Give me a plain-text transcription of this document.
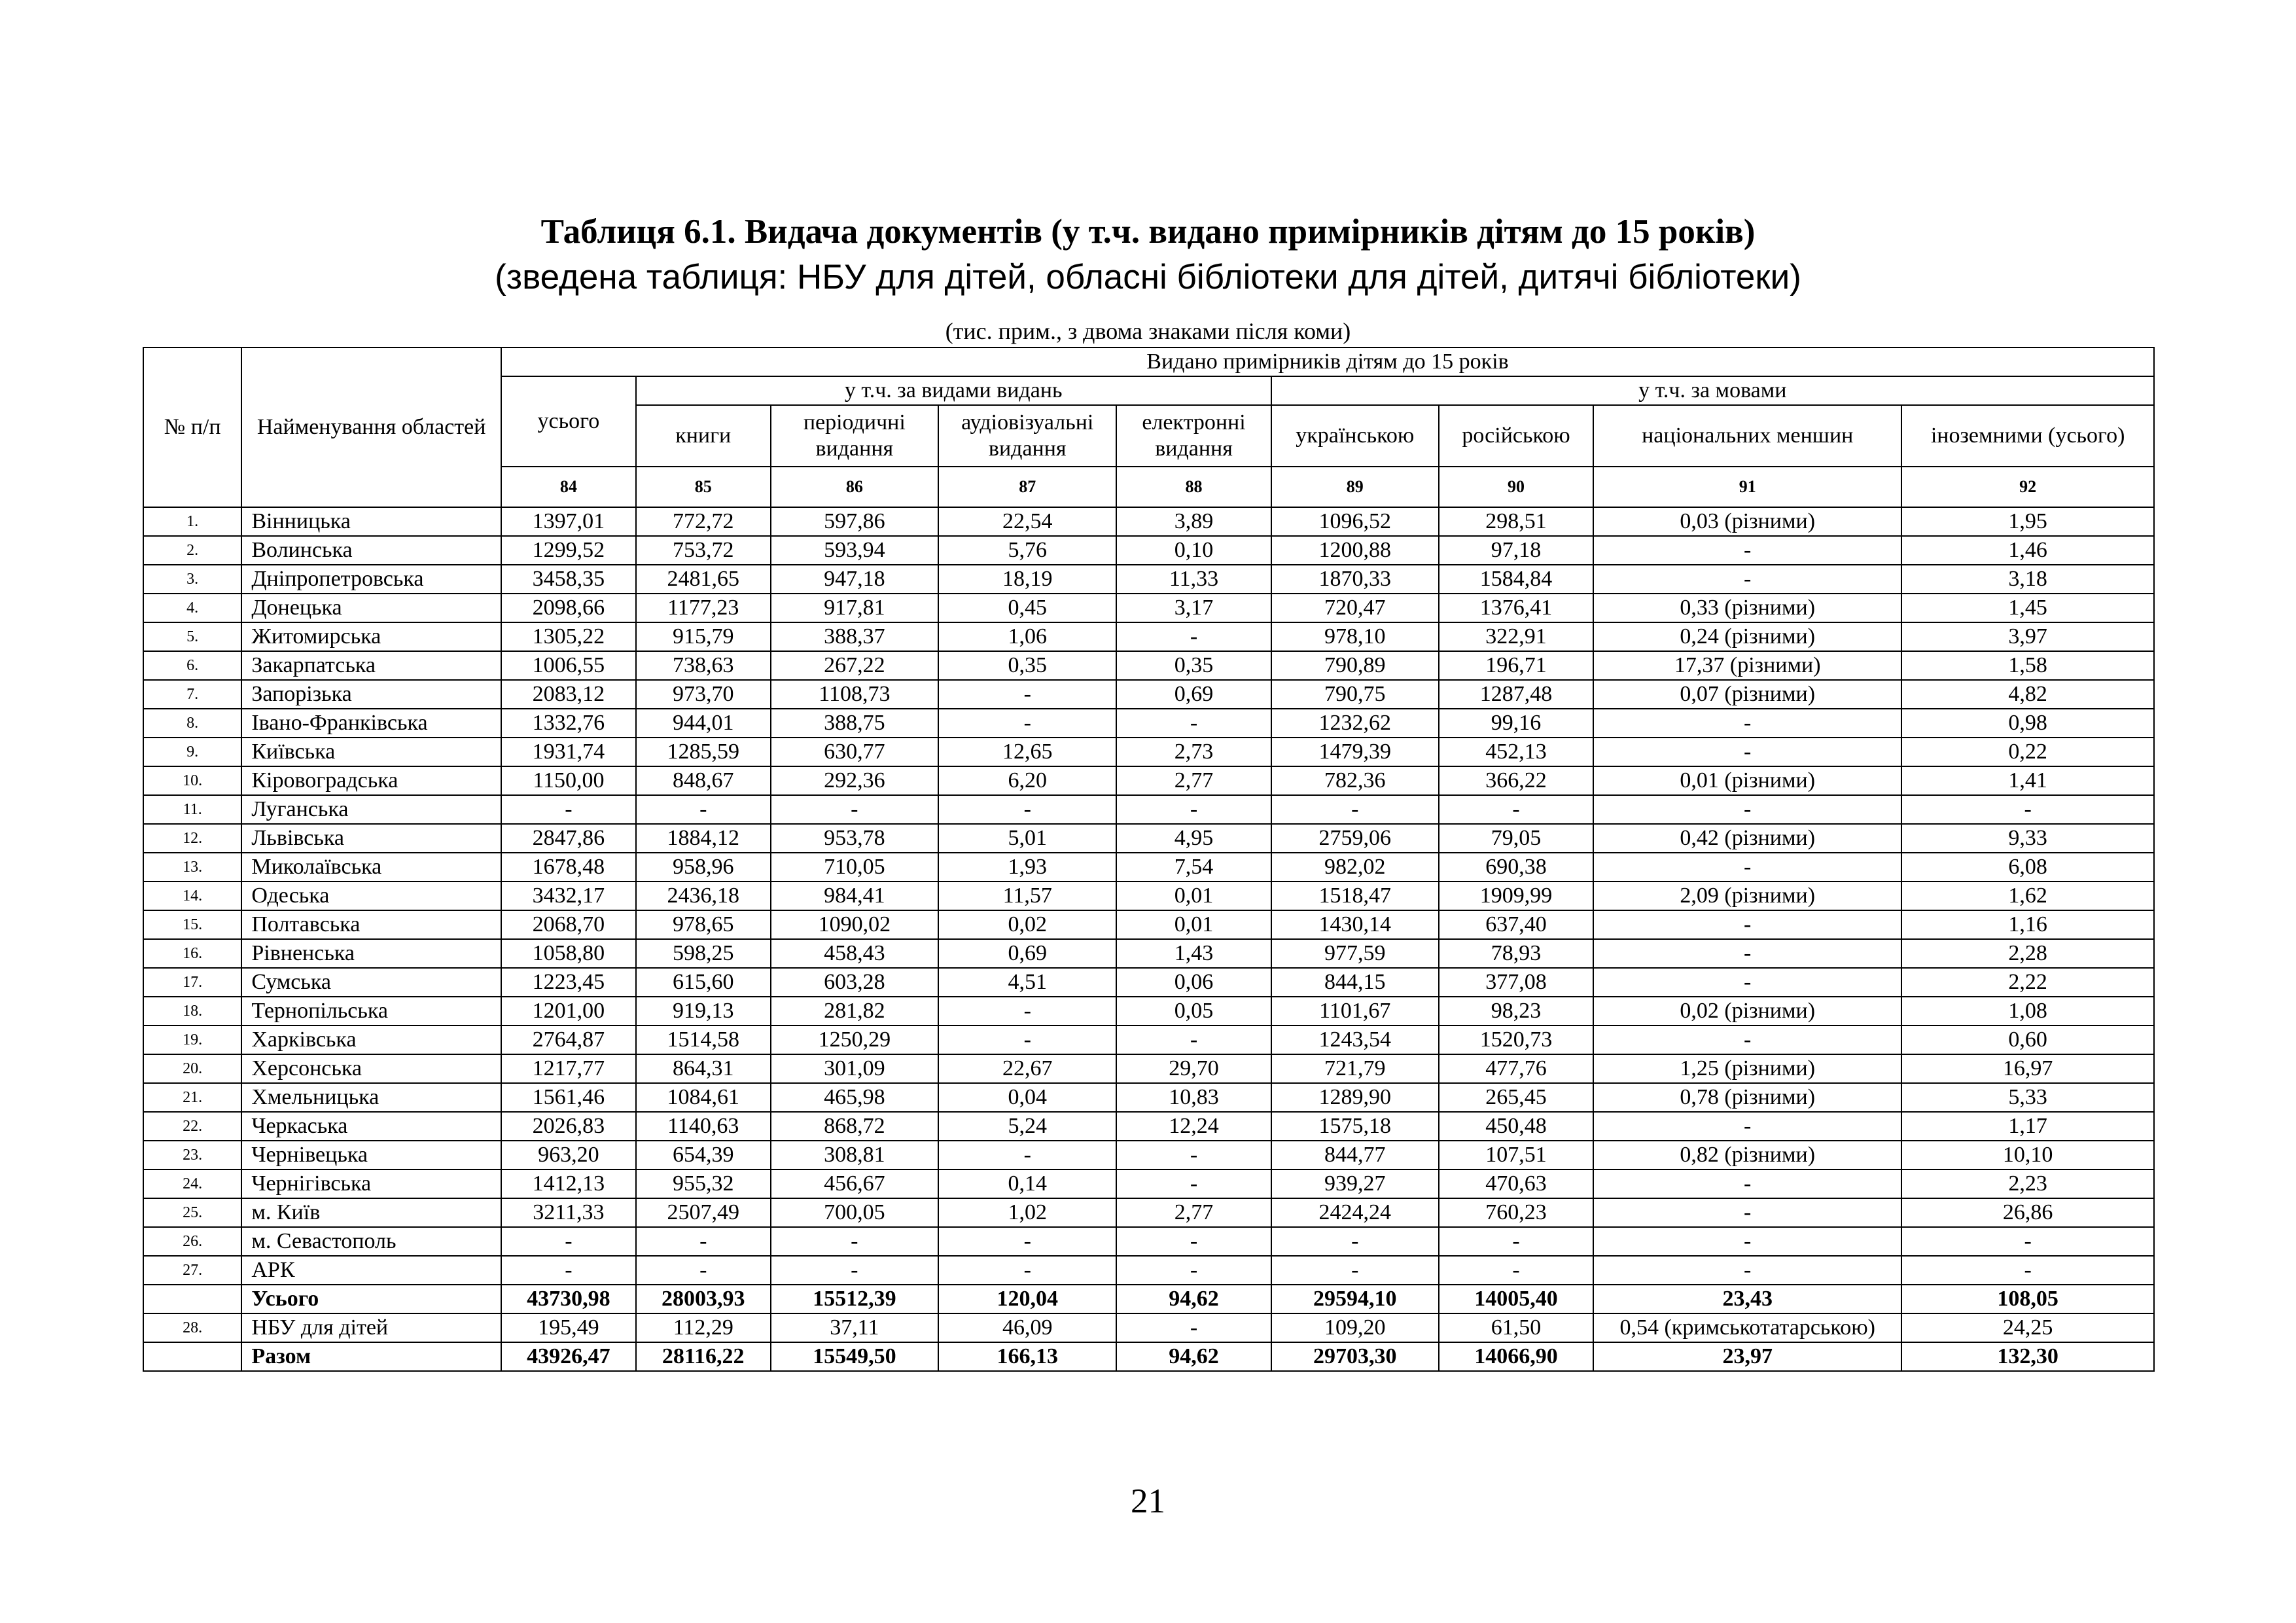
Таблиця 6.1. Видача документів (у т.ч. видано примірників дітям до 15 років)
(зведена таблиця: НБУ для дітей, обласні бібліотеки для дітей, дитячі бібліотеки)
(тис. прим., з двома знаками після коми)
№ п/п	Найменування областей	Видано примірників дітям до 15 років								
		усього	у т.ч. за видами видань				у т.ч. за мовами			
			книги	періодичні видання	аудіовізуальні видання	електронні видання	українською	російською	національних меншин	іноземними (усього)
		84	85	86	87	88	89	90	91	92
1.	Вінницька	1397,01	772,72	597,86	22,54	3,89	1096,52	298,51	0,03 (різними)	1,95
2.	Волинська	1299,52	753,72	593,94	5,76	0,10	1200,88	97,18	-	1,46
3.	Дніпропетровська	3458,35	2481,65	947,18	18,19	11,33	1870,33	1584,84	-	3,18
4.	Донецька	2098,66	1177,23	917,81	0,45	3,17	720,47	1376,41	0,33 (різними)	1,45
5.	Житомирська	1305,22	915,79	388,37	1,06	-	978,10	322,91	0,24 (різними)	3,97
6.	Закарпатська	1006,55	738,63	267,22	0,35	0,35	790,89	196,71	17,37 (різними)	1,58
7.	Запорізька	2083,12	973,70	1108,73	-	0,69	790,75	1287,48	0,07 (різними)	4,82
8.	Івано-Франківська	1332,76	944,01	388,75	-	-	1232,62	99,16	-	0,98
9.	Київська	1931,74	1285,59	630,77	12,65	2,73	1479,39	452,13	-	0,22
10.	Кіровоградська	1150,00	848,67	292,36	6,20	2,77	782,36	366,22	0,01 (різними)	1,41
11.	Луганська	-	-	-	-	-	-	-	-	-
12.	Львівська	2847,86	1884,12	953,78	5,01	4,95	2759,06	79,05	0,42 (різними)	9,33
13.	Миколаївська	1678,48	958,96	710,05	1,93	7,54	982,02	690,38	-	6,08
14.	Одеська	3432,17	2436,18	984,41	11,57	0,01	1518,47	1909,99	2,09 (різними)	1,62
15.	Полтавська	2068,70	978,65	1090,02	0,02	0,01	1430,14	637,40	-	1,16
16.	Рівненська	1058,80	598,25	458,43	0,69	1,43	977,59	78,93	-	2,28
17.	Сумська	1223,45	615,60	603,28	4,51	0,06	844,15	377,08	-	2,22
18.	Тернопільська	1201,00	919,13	281,82	-	0,05	1101,67	98,23	0,02 (різними)	1,08
19.	Харківська	2764,87	1514,58	1250,29	-	-	1243,54	1520,73	-	0,60
20.	Херсонська	1217,77	864,31	301,09	22,67	29,70	721,79	477,76	1,25 (різними)	16,97
21.	Хмельницька	1561,46	1084,61	465,98	0,04	10,83	1289,90	265,45	0,78 (різними)	5,33
22.	Черкаська	2026,83	1140,63	868,72	5,24	12,24	1575,18	450,48	-	1,17
23.	Чернівецька	963,20	654,39	308,81	-	-	844,77	107,51	0,82 (різними)	10,10
24.	Чернігівська	1412,13	955,32	456,67	0,14	-	939,27	470,63	-	2,23
25.	м. Київ	3211,33	2507,49	700,05	1,02	2,77	2424,24	760,23	-	26,86
26.	м. Севастополь	-	-	-	-	-	-	-	-	-
27.	АРК	-	-	-	-	-	-	-	-	-
	Усього	43730,98	28003,93	15512,39	120,04	94,62	29594,10	14005,40	23,43	108,05
28.	НБУ для дітей	195,49	112,29	37,11	46,09	-	109,20	61,50	0,54 (кримськотатарською)	24,25
	Разом	43926,47	28116,22	15549,50	166,13	94,62	29703,30	14066,90	23,97	132,30
21
